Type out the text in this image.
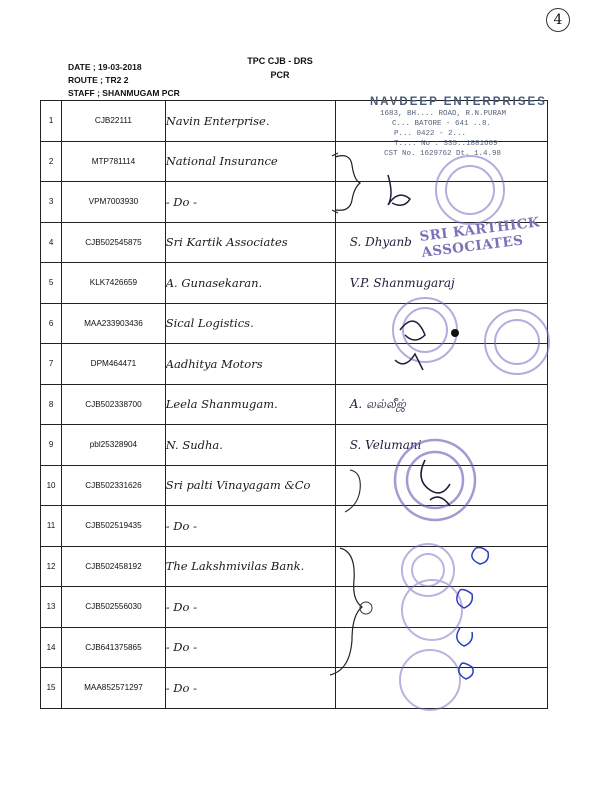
4
TPC CJB - DRS
PCR
DATE ; 19-03-2018
ROUTE ; TR2 2
STAFF ; SHANMUGAM PCR
1	CJB22111	Navin Enterprise.	
2	MTP781114	National Insurance	
3	VPM7003930	- Do -	
4	CJB502545875	Sri Kartik Associates	S. Dhyanb
5	KLK7426659	A. Gunasekaran.	V.P. Shanmugaraj
6	MAA233903436	Sical Logistics.	
7	DPM464471	Aadhitya Motors	
8	CJB502338700	Leela Shanmugam.	A. லல்லீஜ்
9	pbl25328904	N. Sudha.	S. Velumani
10	CJB502331626	Sri palti Vinayagam &Co	
11	CJB502519435	- Do -	
12	CJB502458192	The Lakshmivilas Bank.	
13	CJB502556030	- Do -	
14	CJB641375865	- Do -	
15	MAA852571297	- Do -	
NAVDEEP ENTERPRISES
1683, BH.... ROAD, R.N.PURAM
C... BATORE - 641 ..8.
P... 0422 - 2...
T.... No : 335..1881669
CST No. 1629762 Dt. 1.4.98
SRI KARTHICK ASSOCIATES
